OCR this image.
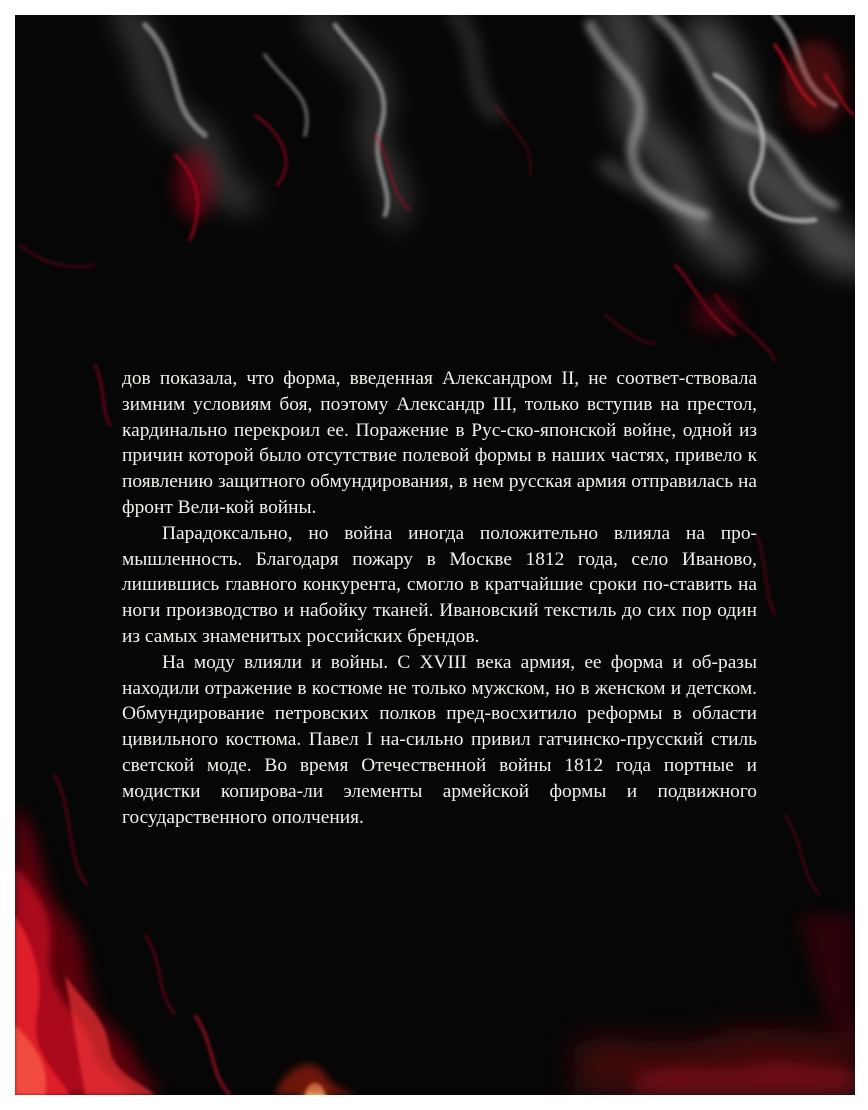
дов показала, что форма, введенная Александром II, не соответ-ствовала зимним условиям боя, поэтому Александр III, только вступив на престол, кардинально перекроил ее. Поражение в Рус-ско-японской войне, одной из причин которой было отсутствие полевой формы в наших частях, привело к появлению защитного обмундирования, в нем русская армия отправилась на фронт Вели-кой войны.

Парадоксально, но война иногда положительно влияла на про-мышленность. Благодаря пожару в Москве 1812 года, село Иваново, лишившись главного конкурента, смогло в кратчайшие сроки по-ставить на ноги производство и набойку тканей. Ивановский текстиль до сих пор один из самых знаменитых российских брендов.

На моду влияли и войны. С XVIII века армия, ее форма и об-разы находили отражение в костюме не только мужском, но в женском и детском. Обмундирование петровских полков пред-восхитило реформы в области цивильного костюма. Павел I на-сильно привил гатчинско-прусский стиль светской моде. Во время Отечественной войны 1812 года портные и модистки копирова-ли элементы армейской формы и подвижного государственного ополчения.
